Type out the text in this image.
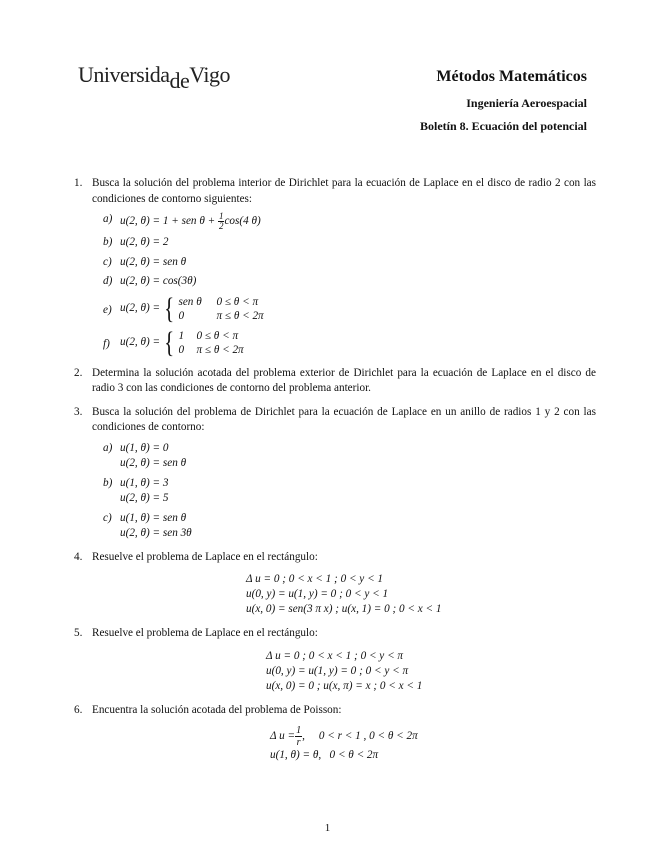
UniversidadeVigo	Métodos Matemáticos
Ingeniería Aeroespacial
Boletín 8. Ecuación del potencial
1. Busca la solución del problema interior de Dirichlet para la ecuación de Laplace en el disco de radio 2 con las condiciones de contorno siguientes:
a) u(2, θ) = 1 + sen $\theta + \frac{1}{2} \cos(4$ θ)
b) u(2, θ) = 2
c) u(2, θ) = sen θ
d) u(2, θ) = cos(3θ)
e) u(2, θ) = { sen θ 0 ≤ θ < π
0	π ≤ θ < 2π
f) u(2, θ) = { 1 0 ≤ θ < π
0 π ≤ θ < 2π
2. Determina la solución acotada del problema exterior de Dirichlet para la ecuación de Laplace en el disco de radio 3 con las condiciones de contorno del problema anterior.
3. Busca la solución del problema de Dirichlet para la ecuación de Laplace en un anillo de radios 1 y 2 con las condiciones de contorno:
a) u(1, θ) = 0
u(2, θ) = sen θ
b) u(1, θ) = 3
u(2, θ) = 5
c) u(1, θ) = sen θ
u(2, θ) = sen 3θ
4. Resuelve el problema de Laplace en el rectángulo:
Δ u = 0 ; 0 < x < 1 ; 0 < y < 1
u(0, y) = u(1, y) = 0 ; 0 < y < 1
u(x, 0) = sen(3 π x) ; u(x, 1) = 0 ; 0 < x < 1
5. Resuelve el problema de Laplace en el rectángulo:
Δ u = 0 ; 0 < x < 1 ; 0 < y < π
u(0, y) = u(1, y) = 0 ; 0 < y < π
u(x, 0) = 0 ; u(x, π) = x ; 0 < x < 1
6. Encuentra la solución acotada del problema de Poisson:
Δ $u = \frac{1}{r}$ ,     0 < r < 1 , 0 < θ < 2π
u(1, θ) = θ,   0 < θ < 2π
1
